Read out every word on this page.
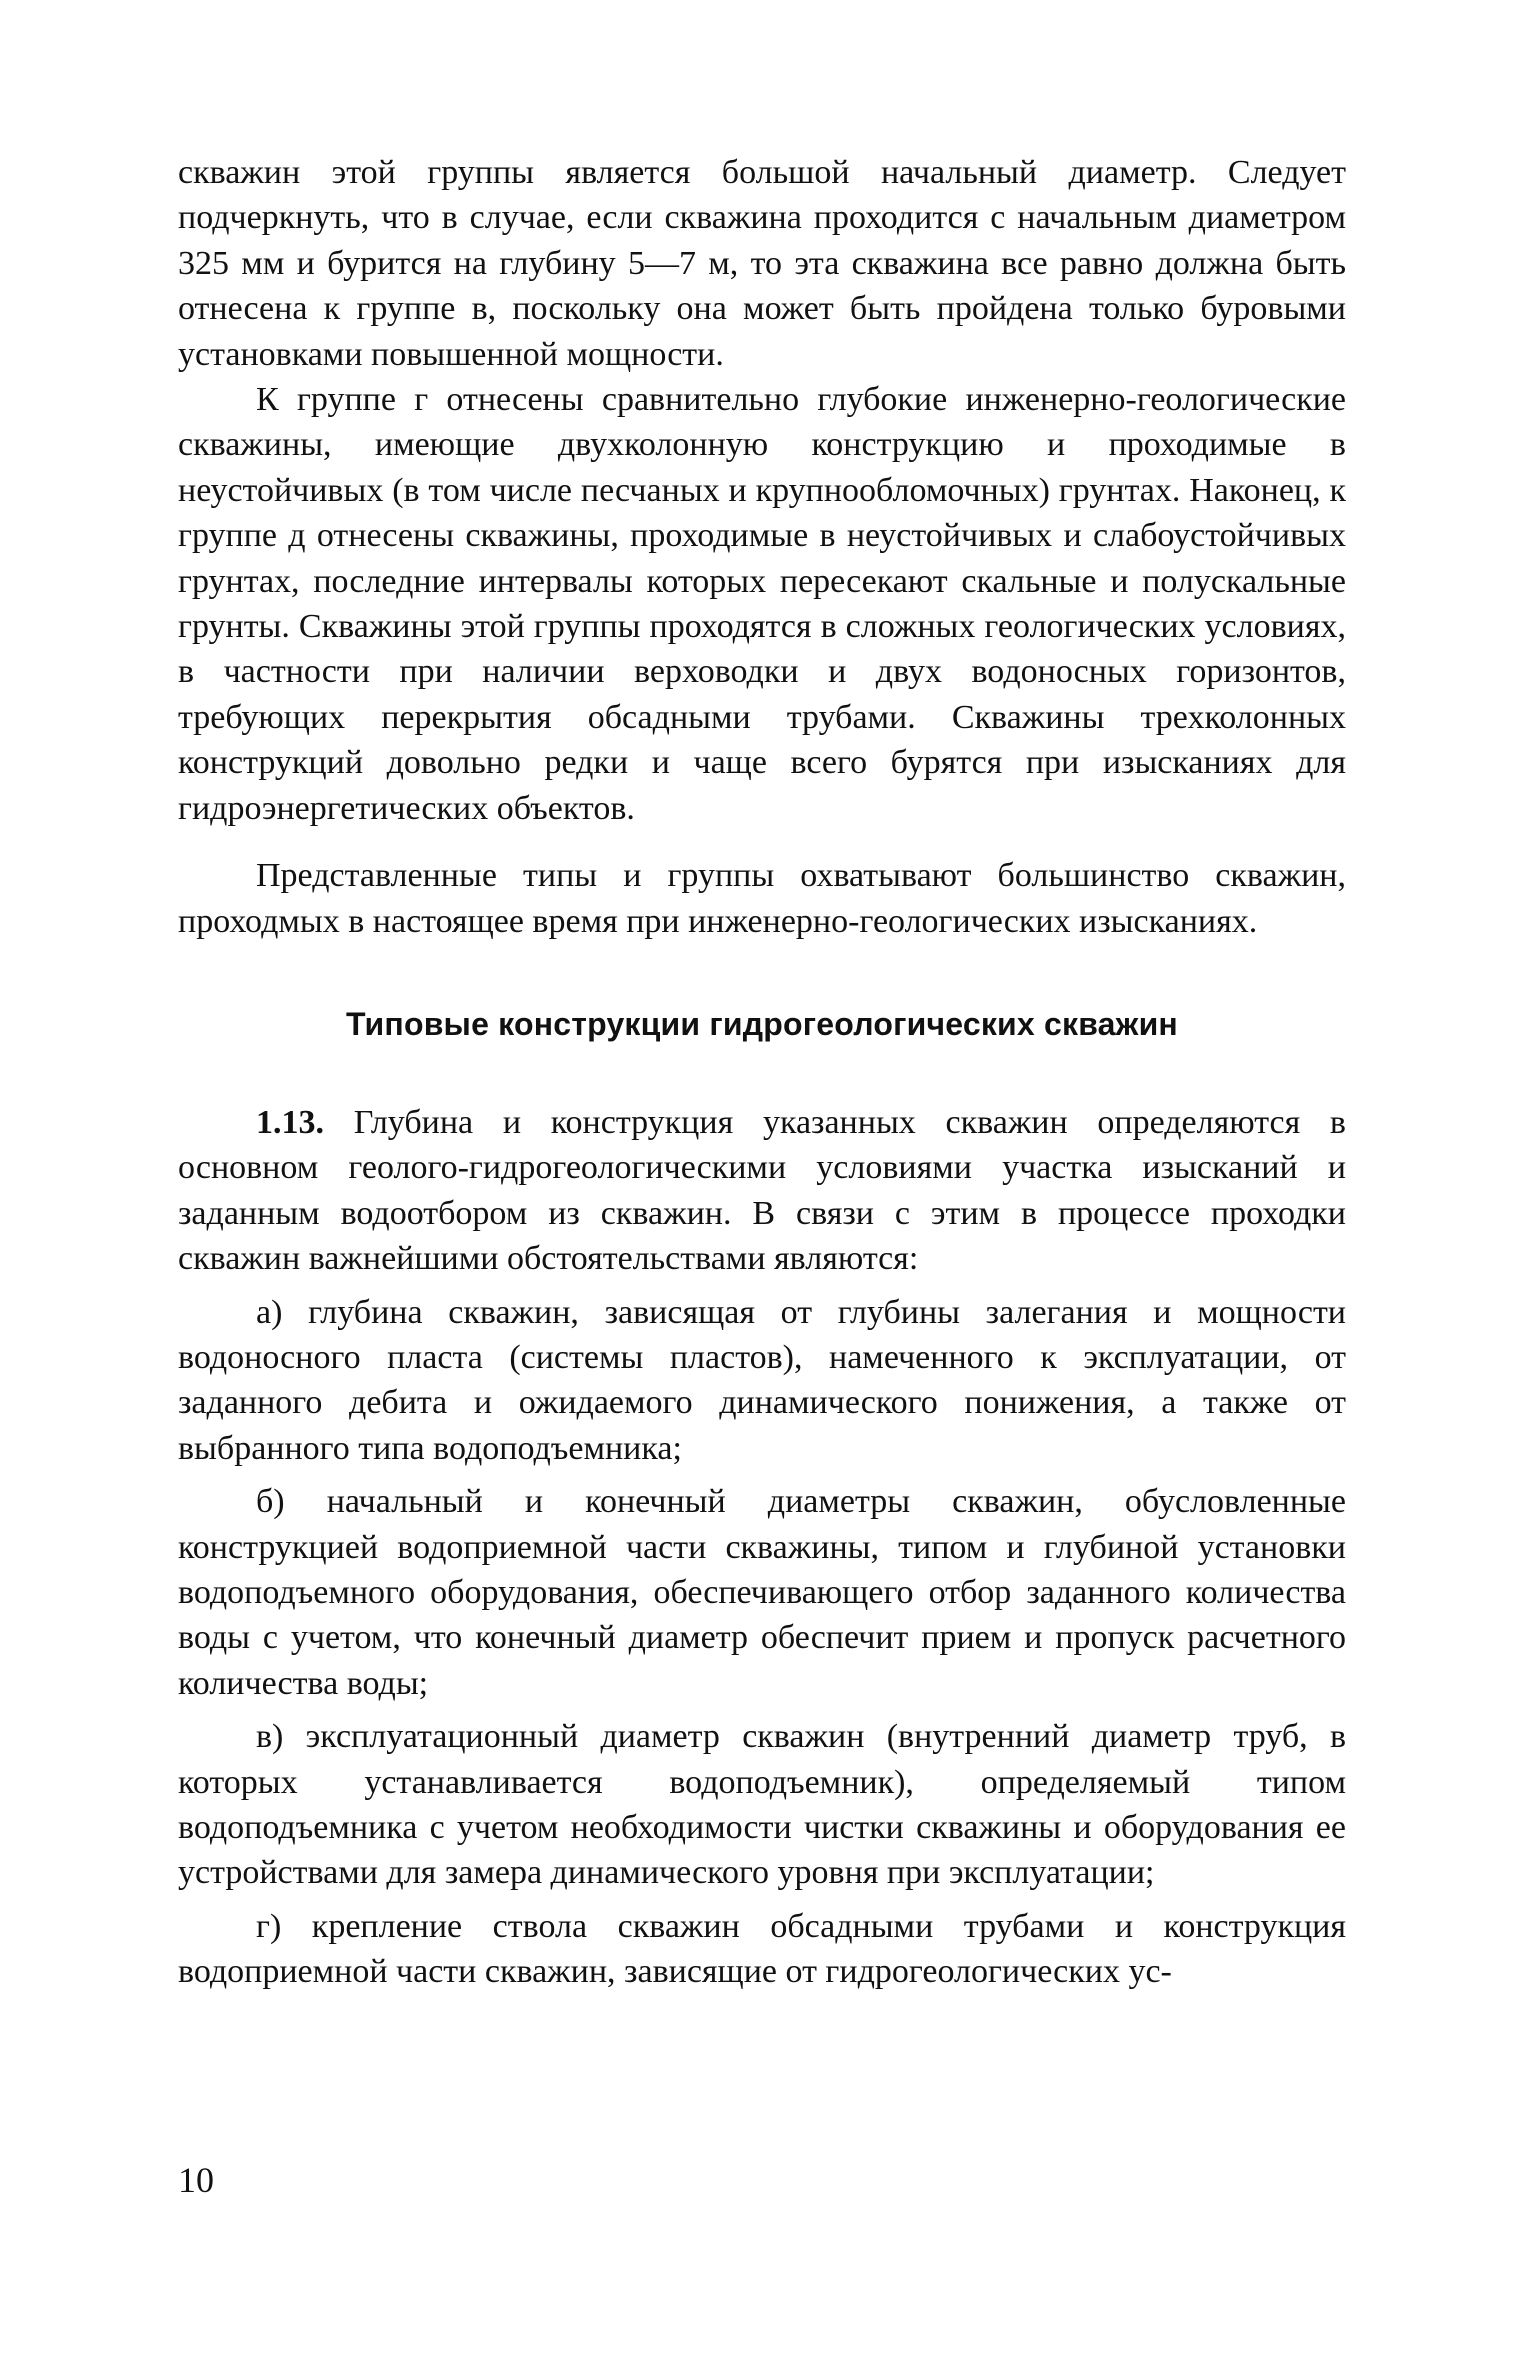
скважин этой группы является большой начальный диаметр. Следует подчеркнуть, что в случае, если скважина проходится с начальным диаметром 325 мм и бурится на глубину 5—7 м, то эта скважина все равно должна быть отнесена к группе в, поскольку она может быть пройдена только буровыми установками повышенной мощности.

К группе г отнесены сравнительно глубокие инженерно-геологические скважины, имеющие двухколонную конструкцию и проходимые в неустойчивых (в том числе песчаных и крупнообломочных) грунтах. Наконец, к группе д отнесены скважины, проходимые в неустойчивых и слабоустойчивых грунтах, последние интервалы которых пересекают скальные и полускальные грунты. Скважины этой группы проходятся в сложных геологических условиях, в частности при наличии верховодки и двух водоносных горизонтов, требующих перекрытия обсадными трубами. Скважины трехколонных конструкций довольно редки и чаще всего бурятся при изысканиях для гидроэнергетических объектов.

Представленные типы и группы охватывают большинство скважин, проходмых в настоящее время при инженерно-геологических изысканиях.

Типовые конструкции гидрогеологических скважин

1.13. Глубина и конструкция указанных скважин определяются в основном геолого-гидрогеологическими условиями участка изысканий и заданным водоотбором из скважин. В связи с этим в процессе проходки скважин важнейшими обстоятельствами являются:

а) глубина скважин, зависящая от глубины залегания и мощности водоносного пласта (системы пластов), намеченного к эксплуатации, от заданного дебита и ожидаемого динамического понижения, а также от выбранного типа водоподъемника;

б) начальный и конечный диаметры скважин, обусловленные конструкцией водоприемной части скважины, типом и глубиной установки водоподъемного оборудования, обеспечивающего отбор заданного количества воды с учетом, что конечный диаметр обеспечит прием и пропуск расчетного количества воды;

в) эксплуатационный диаметр скважин (внутренний диаметр труб, в которых устанавливается водоподъемник), определяемый типом водоподъемника с учетом необходимости чистки скважины и оборудования ее устройствами для замера динамического уровня при эксплуатации;

г) крепление ствола скважин обсадными трубами и конструкция водоприемной части скважин, зависящие от гидрогеологических ус-

10
